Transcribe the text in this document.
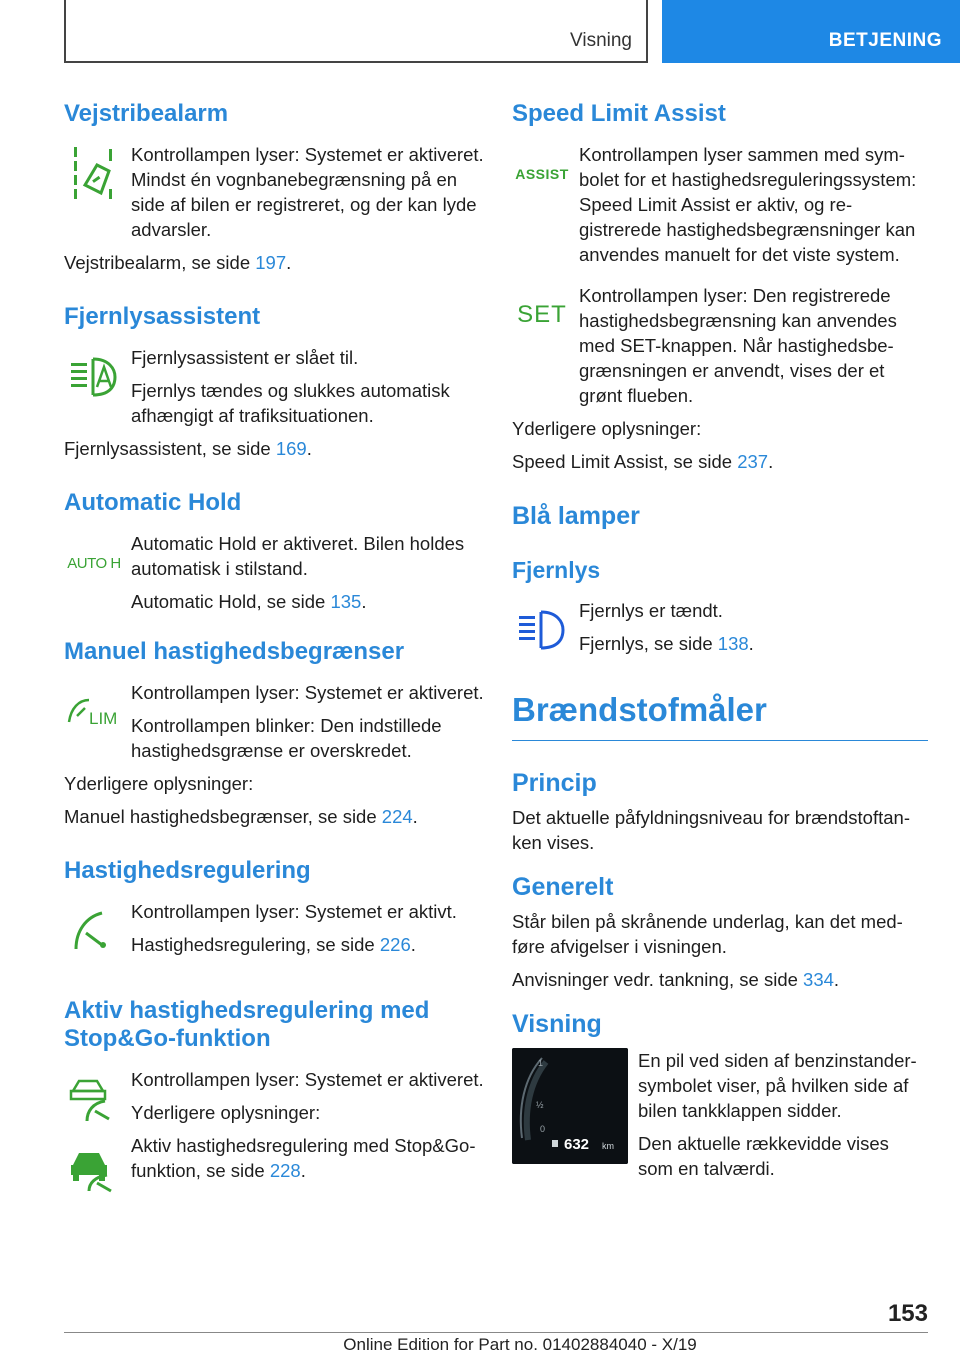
Visning	BETJENING
Vejstribealarm

Kontrollampen lyser: Systemet er aktiveret. Mindst én vognbanebegrænsning på en side af bilen er registreret, og der kan lyde advarsler.

Vejstribealarm, se side 197.

Fjernlysassistent

Fjernlysassistent er slået til.

Fjernlys tændes og slukkes automatisk afhængigt af trafiksituationen.

Fjernlysassistent, se side 169.

Automatic Hold
AUTO H

Automatic Hold er aktiveret. Bilen holdes automatisk i stilstand.

Automatic Hold, se side 135.

Manuel hastighedsbegrænser
LIM

Kontrollampen lyser: Systemet er aktiveret.

Kontrollampen blinker: Den indstillede hastighedsgrænse er overskredet.

Yderligere oplysninger:

Manuel hastighedsbegrænser, se side 224.

Hastighedsregulering

Kontrollampen lyser: Systemet er aktivt.

Hastighedsregulering, se side 226.

Aktiv hastighedsregulering med Stop&Go-funktion

Kontrollampen lyser: Systemet er aktiveret.

Yderligere oplysninger:

Aktiv hastighedsregulering med Stop&Go-funktion, se side 228.

Speed Limit Assist
ASSIST

Kontrollampen lyser sammen med symbolet for et hastighedsreguleringssystem: Speed Limit Assist er aktiv, og registrerede hastighedsbegrænsninger kan anvendes manuelt for det viste system.

SET

Kontrollampen lyser: Den registrerede hastighedsbegrænsning kan anvendes med SET-knappen. Når hastighedsbegrænsningen er anvendt, vises der et grønt flueben.

Yderligere oplysninger:

Speed Limit Assist, se side 237.

Blå lamper
Fjernlys

Fjernlys er tændt.

Fjernlys, se side 138.

Brændstofmåler
Princip

Det aktuelle påfyldningsniveau for brændstoftanken vises.

Generelt

Står bilen på skrånende underlag, kan det medføre afvigelser i visningen.

Anvisninger vedr. tankning, se side 334.

Visning
1
½
0
632 km

En pil ved siden af benzinstandersymbolet viser, på hvilken side af bilen tankklappen sidder.

Den aktuelle rækkevidde vises som en talværdi.

153
Online Edition for Part no. 01402884040 - X/19
